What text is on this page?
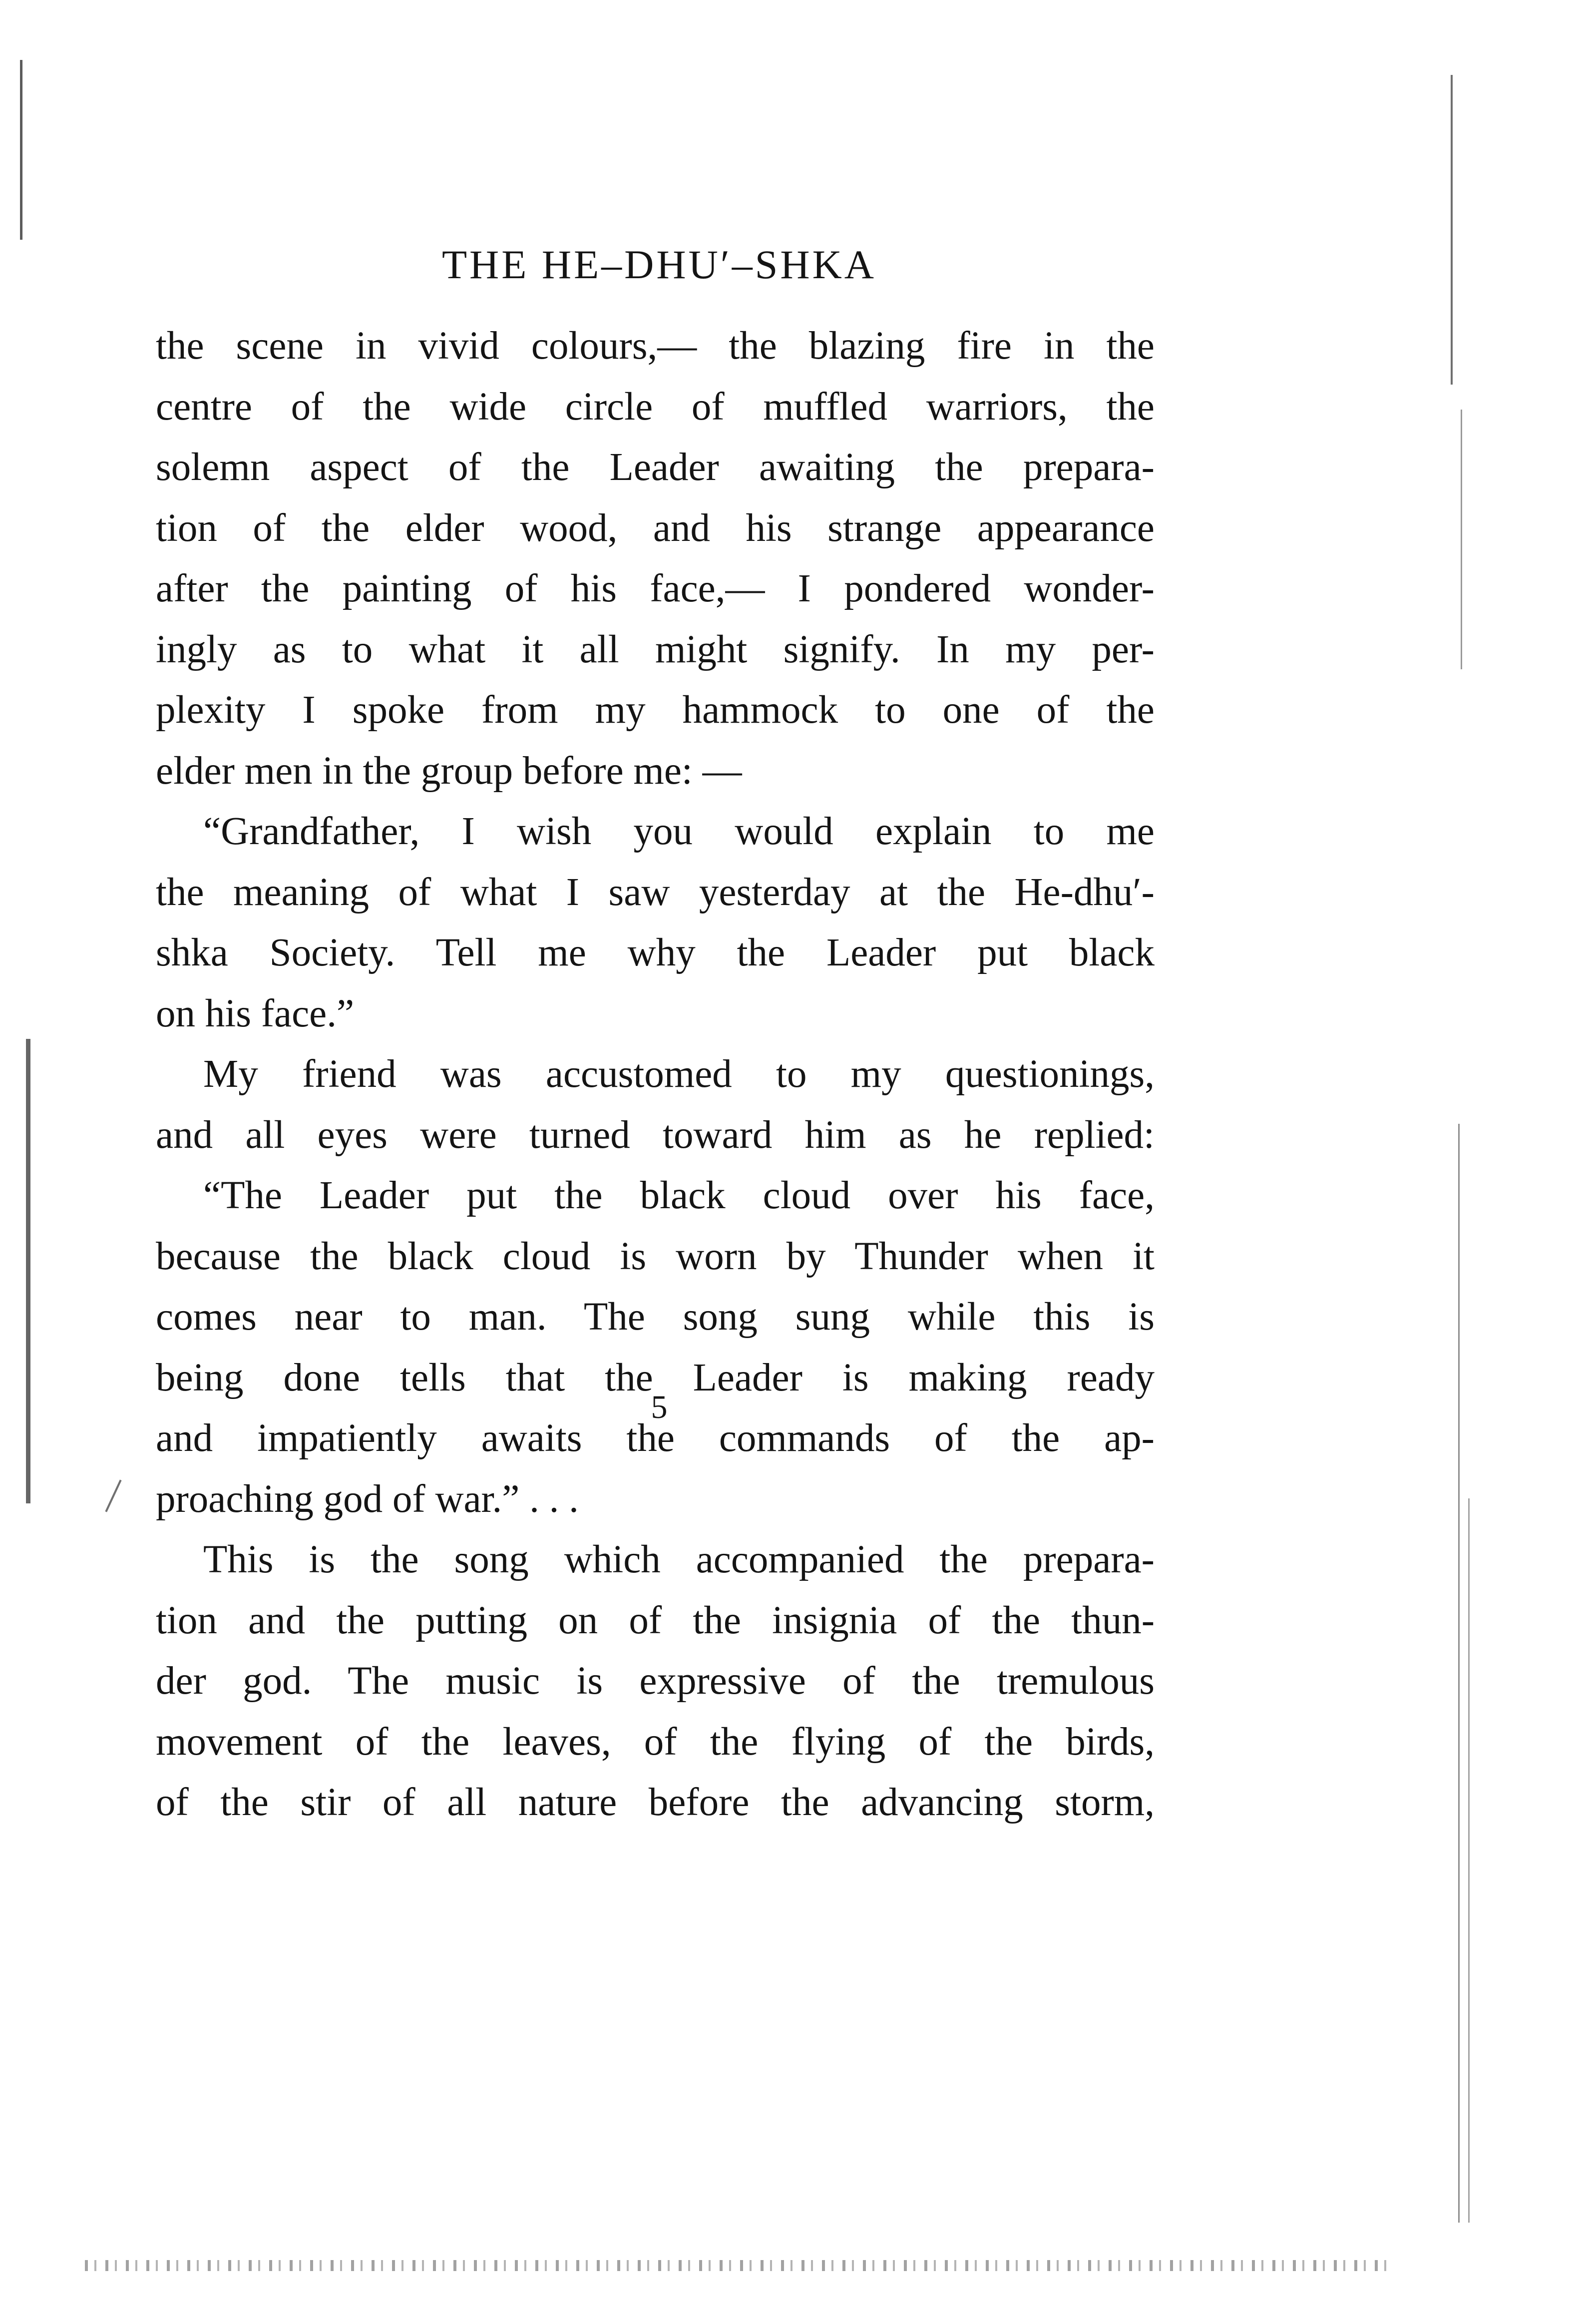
THE HE–DHU′–SHKA
the scene in vivid colours,— the blazing fire in the
centre of the wide circle of muffled warriors, the
solemn aspect of the Leader awaiting the prepara-
tion of the elder wood, and his strange appearance
after the painting of his face,— I pondered wonder-
ingly as to what it all might signify. In my per-
plexity I spoke from my hammock to one of the
elder men in the group before me: —
“Grandfather, I wish you would explain to me
the meaning of what I saw yesterday at the He-dhu′-
shka Society. Tell me why the Leader put black
on his face.”
My friend was accustomed to my questionings,
and all eyes were turned toward him as he replied:
“The Leader put the black cloud over his face,
because the black cloud is worn by Thunder when it
comes near to man. The song sung while this is
being done tells that the Leader is making ready
and impatiently awaits the commands of the ap-
proaching god of war.” . . .
This is the song which accompanied the prepara-
tion and the putting on of the insignia of the thun-
der god. The music is expressive of the tremulous
movement of the leaves, of the flying of the birds,
of the stir of all nature before the advancing storm,
5
